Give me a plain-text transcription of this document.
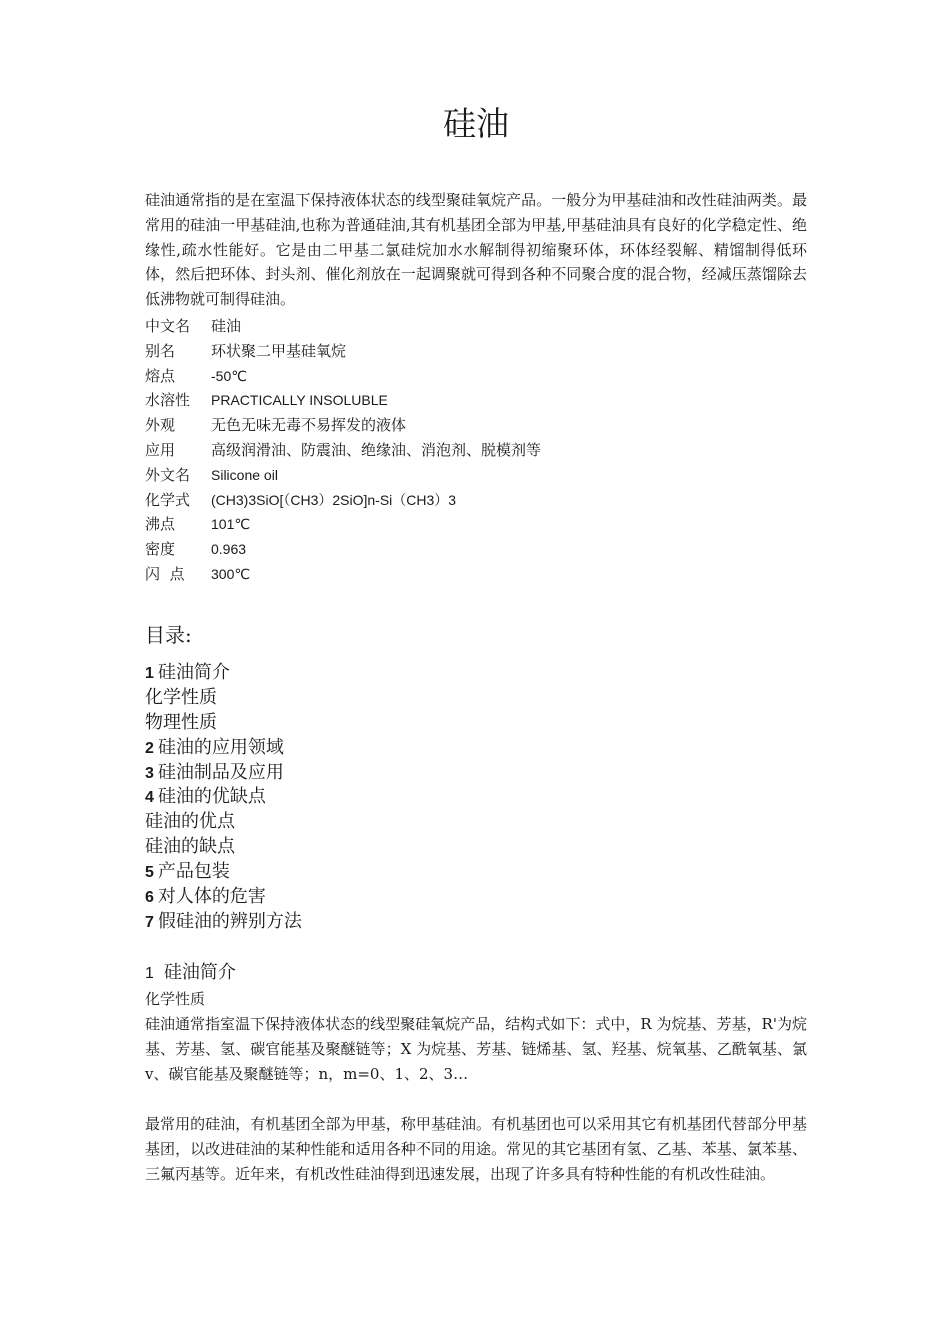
硅油

硅油通常指的是在室温下保持液体状态的线型聚硅氧烷产品。一般分为甲基硅油和改性硅油两类。最常用的硅油一甲基硅油,也称为普通硅油,其有机基团全部为甲基,甲基硅油具有良好的化学稳定性、绝缘性,疏水性能好。它是由二甲基二氯硅烷加水水解制得初缩聚环体，环体经裂解、精馏制得低环体，然后把环体、封头剂、催化剂放在一起调聚就可得到各种不同聚合度的混合物，经减压蒸馏除去低沸物就可制得硅油。

中文名	硅油
别名	环状聚二甲基硅氧烷
熔点	-50℃
水溶性	PRACTICALLY INSOLUBLE
外观	无色无味无毒不易挥发的液体
应用	高级润滑油、防震油、绝缘油、消泡剂、脱模剂等
外文名	Silicone oil
化学式	(CH3)3SiO[（CH3）2SiO]n-Si（CH3）3
沸点	101℃
密度	0.963
闪  点	300℃
目录:
1 硅油简介
化学性质
物理性质
2 硅油的应用领域
3 硅油制品及应用
4 硅油的优缺点
硅油的优点
硅油的缺点
5 产品包装
6 对人体的危害
7 假硅油的辨别方法
1 硅油简介
化学性质

硅油通常指室温下保持液体状态的线型聚硅氧烷产品，结构式如下：式中，R 为烷基、芳基，R'为烷基、芳基、氢、碳官能基及聚醚链等；X 为烷基、芳基、链烯基、氢、羟基、烷氧基、乙酰氧基、氯 v、碳官能基及聚醚链等；n，m=0、1、2、3…

最常用的硅油，有机基团全部为甲基，称甲基硅油。有机基团也可以采用其它有机基团代替部分甲基基团，以改进硅油的某种性能和适用各种不同的用途。常见的其它基团有氢、乙基、苯基、氯苯基、三氟丙基等。近年来，有机改性硅油得到迅速发展，出现了许多具有特种性能的有机改性硅油。
